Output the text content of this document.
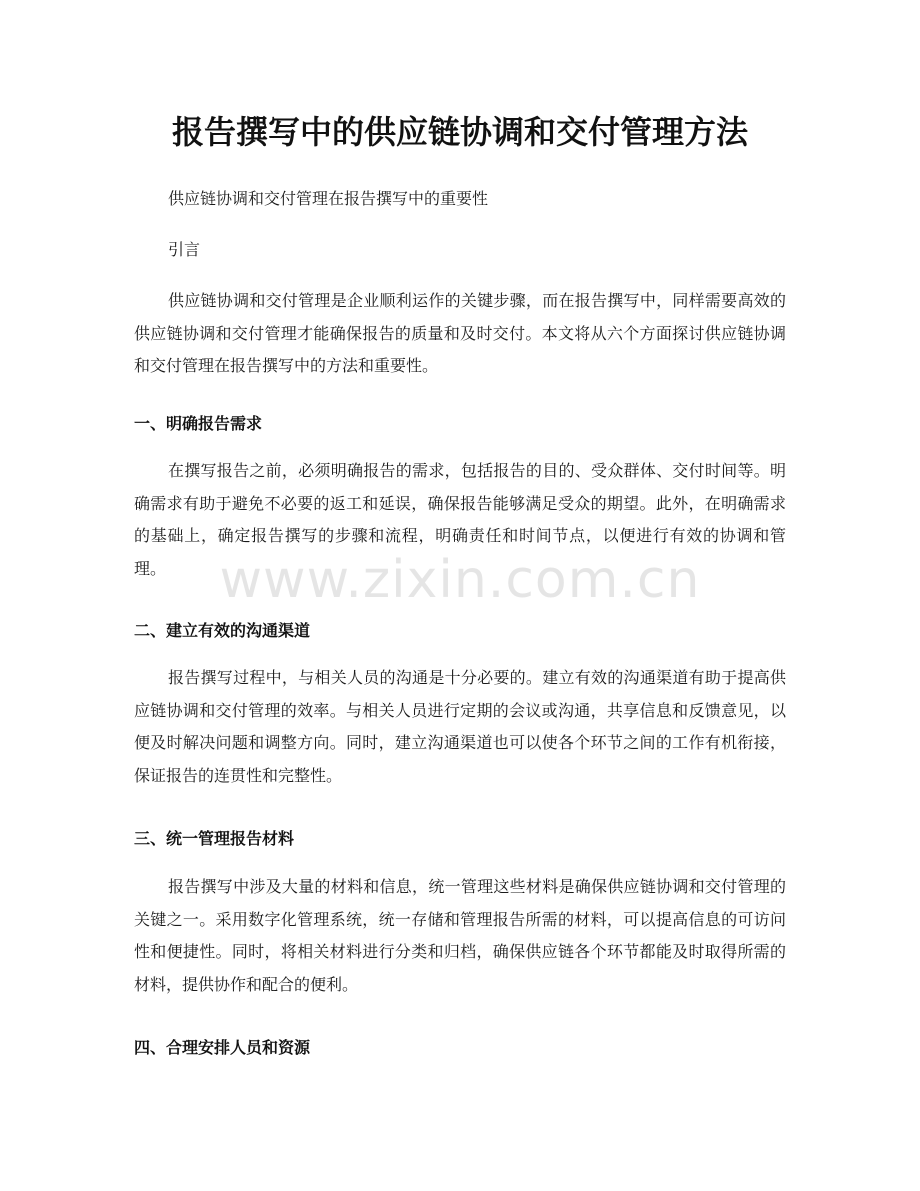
报告撰写中的供应链协调和交付管理方法

供应链协调和交付管理在报告撰写中的重要性

引言

供应链协调和交付管理是企业顺利运作的关键步骤，而在报告撰写中，同样需要高效的供应链协调和交付管理才能确保报告的质量和及时交付。本文将从六个方面探讨供应链协调和交付管理在报告撰写中的方法和重要性。

一、明确报告需求

在撰写报告之前，必须明确报告的需求，包括报告的目的、受众群体、交付时间等。明确需求有助于避免不必要的返工和延误，确保报告能够满足受众的期望。此外，在明确需求的基础上，确定报告撰写的步骤和流程，明确责任和时间节点，以便进行有效的协调和管理。

二、建立有效的沟通渠道

报告撰写过程中，与相关人员的沟通是十分必要的。建立有效的沟通渠道有助于提高供应链协调和交付管理的效率。与相关人员进行定期的会议或沟通，共享信息和反馈意见，以便及时解决问题和调整方向。同时，建立沟通渠道也可以使各个环节之间的工作有机衔接，保证报告的连贯性和完整性。

三、统一管理报告材料

报告撰写中涉及大量的材料和信息，统一管理这些材料是确保供应链协调和交付管理的关键之一。采用数字化管理系统，统一存储和管理报告所需的材料，可以提高信息的可访问性和便捷性。同时，将相关材料进行分类和归档，确保供应链各个环节都能及时取得所需的材料，提供协作和配合的便利。

四、合理安排人员和资源
www.zixin.com.cn
